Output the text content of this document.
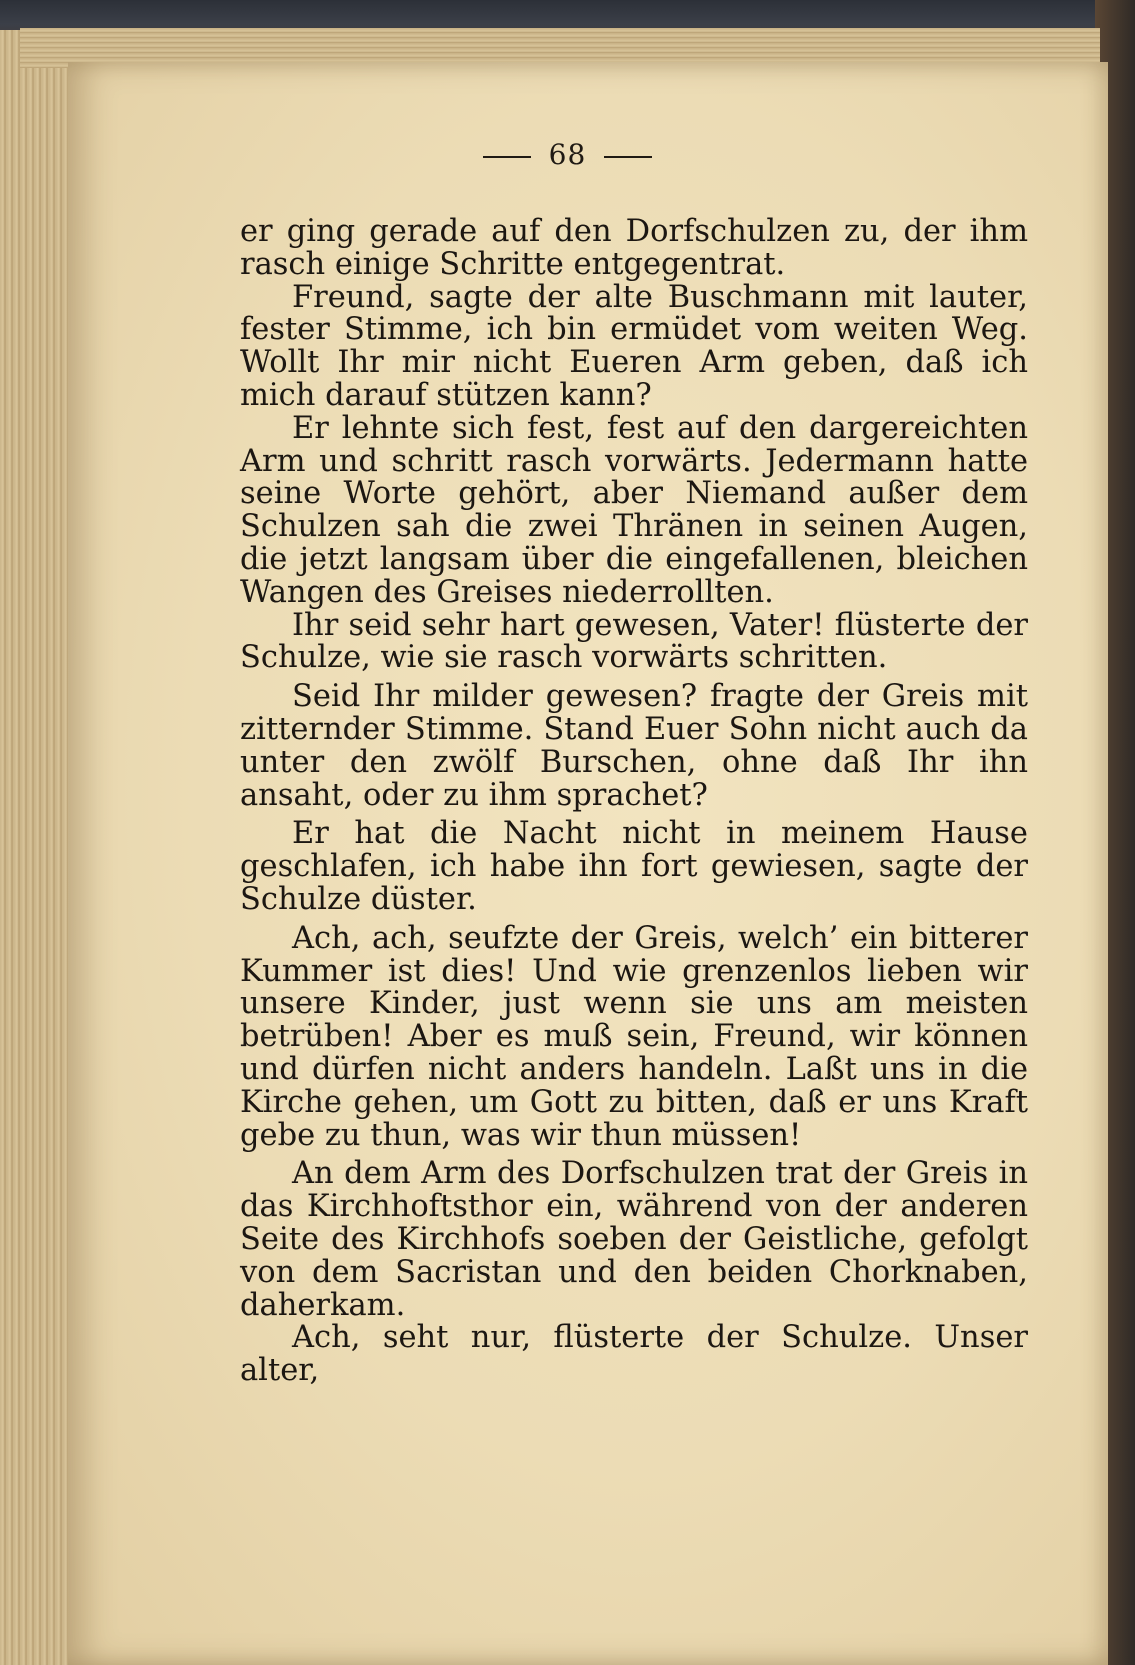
68

er ging gerade auf den Dorfschulzen zu, der ihm rasch einige Schritte entgegentrat.

Freund, sagte der alte Buschmann mit lauter, fester Stimme, ich bin ermüdet vom weiten Weg. Wollt Ihr mir nicht Eueren Arm geben, daß ich mich darauf stützen kann?

Er lehnte sich fest, fest auf den dargereichten Arm und schritt rasch vorwärts. Jedermann hatte seine Worte gehört, aber Niemand außer dem Schulzen sah die zwei Thränen in seinen Augen, die jetzt langsam über die eingefallenen, bleichen Wangen des Greises niederrollten.

Ihr seid sehr hart gewesen, Vater! flüsterte der Schulze, wie sie rasch vorwärts schritten.

Seid Ihr milder gewesen? fragte der Greis mit zitternder Stimme. Stand Euer Sohn nicht auch da unter den zwölf Burschen, ohne daß Ihr ihn ansaht, oder zu ihm sprachet?

Er hat die Nacht nicht in meinem Hause geschlafen, ich habe ihn fort gewiesen, sagte der Schulze düster.

Ach, ach, seufzte der Greis, welch’ ein bitterer Kummer ist dies! Und wie grenzenlos lieben wir unsere Kinder, just wenn sie uns am meisten betrüben! Aber es muß sein, Freund, wir können und dürfen nicht anders handeln. Laßt uns in die Kirche gehen, um Gott zu bitten, daß er uns Kraft gebe zu thun, was wir thun müssen!

An dem Arm des Dorfschulzen trat der Greis in das Kirchhoftsthor ein, während von der anderen Seite des Kirchhofs soeben der Geistliche, gefolgt von dem Sacristan und den beiden Chorknaben, daherkam.

Ach, seht nur, flüsterte der Schulze. Unser alter,
